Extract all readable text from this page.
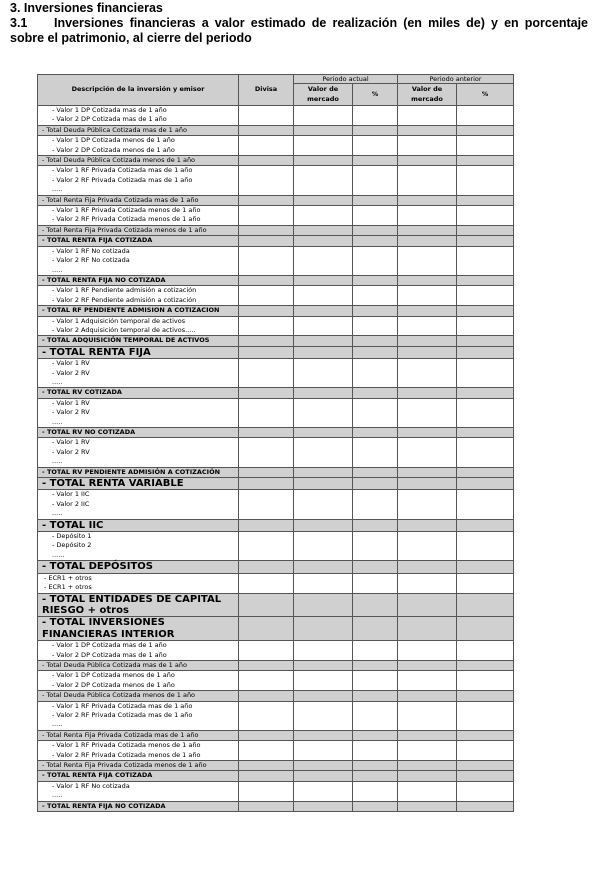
3. Inversiones financieras
3.1 Inversiones financieras a valor estimado de realización (en miles de) y en porcentaje sobre el patrimonio, al cierre del periodo
Descripción de la inversión y emisor	Divisa	Periodo actual		Periodo anterior	
		Valor de mercado	%	Valor de mercado	%

- Valor 1 DP Cotizada mas de 1 año
- Valor 2 DP Cotizada mas de 1 año					

- Total Deuda Pública Cotizada mas de 1 año					

- Valor 1 DP Cotizada menos de 1 año
- Valor 2 DP Cotizada menos de 1 año					

- Total Deuda Pública Cotizada menos de 1 año					

- Valor 1 RF Privada Cotizada mas de 1 año
- Valor 2 RF Privada Cotizada mas de 1 año
.....					

- Total Renta Fija Privada Cotizada mas de 1 año					

- Valor 1 RF Privada Cotizada menos de 1 año
- Valor 2 RF Privada Cotizada menos de 1 año					

- Total Renta Fija Privada Cotizada menos de 1 año					
- TOTAL RENTA FIJA COTIZADA					

- Valor 1 RF No cotizada
- Valor 2 RF No cotizada
.....					

- TOTAL RENTA FIJA NO COTIZADA					

- Valor 1 RF Pendiente admisión a cotización
- Valor 2 RF Pendiente admisión a cotización					

- TOTAL RF PENDIENTE ADMISION A COTIZACION					

- Valor 1 Adquisición temporal de activos
- Valor 2 Adquisición temporal de activos.....					

- TOTAL ADQUISICIÓN TEMPORAL DE ACTIVOS					
- TOTAL RENTA FIJA					

- Valor 1 RV
- Valor 2 RV
.....					

- TOTAL RV COTIZADA					

- Valor 1 RV
- Valor 2 RV
.....					

- TOTAL RV NO COTIZADA					

- Valor 1 RV
- Valor 2 RV
.....					

- TOTAL RV PENDIENTE ADMISIÓN A COTIZACIÓN					
- TOTAL RENTA VARIABLE					

- Valor 1 IIC
- Valor 2 IIC
.....					

- TOTAL IIC					

- Depósito 1
- Depósito 2
......					

- TOTAL DEPÓSITOS					

- ECR1 + otros
- ECR1 + otros					

- TOTAL ENTIDADES DE CAPITAL RIESGO + otros					
- TOTAL INVERSIONES FINANCIERAS INTERIOR					

- Valor 1 DP Cotizada mas de 1 año
- Valor 2 DP Cotizada mas de 1 año					

- Total Deuda Pública Cotizada mas de 1 año					

- Valor 1 DP Cotizada menos de 1 año
- Valor 2 DP Cotizada menos de 1 año					

- Total Deuda Pública Cotizada menos de 1 año					

- Valor 1 RF Privada Cotizada mas de 1 año
- Valor 2 RF Privada Cotizada mas de 1 año
.....					

- Total Renta Fija Privada Cotizada mas de 1 año					

- Valor 1 RF Privada Cotizada menos de 1 año
- Valor 2 RF Privada Cotizada menos de 1 año					

- Total Renta Fija Privada Cotizada menos de 1 año					
- TOTAL RENTA FIJA COTIZADA					

- Valor 1 RF No cotizada
.....					

- TOTAL RENTA FIJA NO COTIZADA					
